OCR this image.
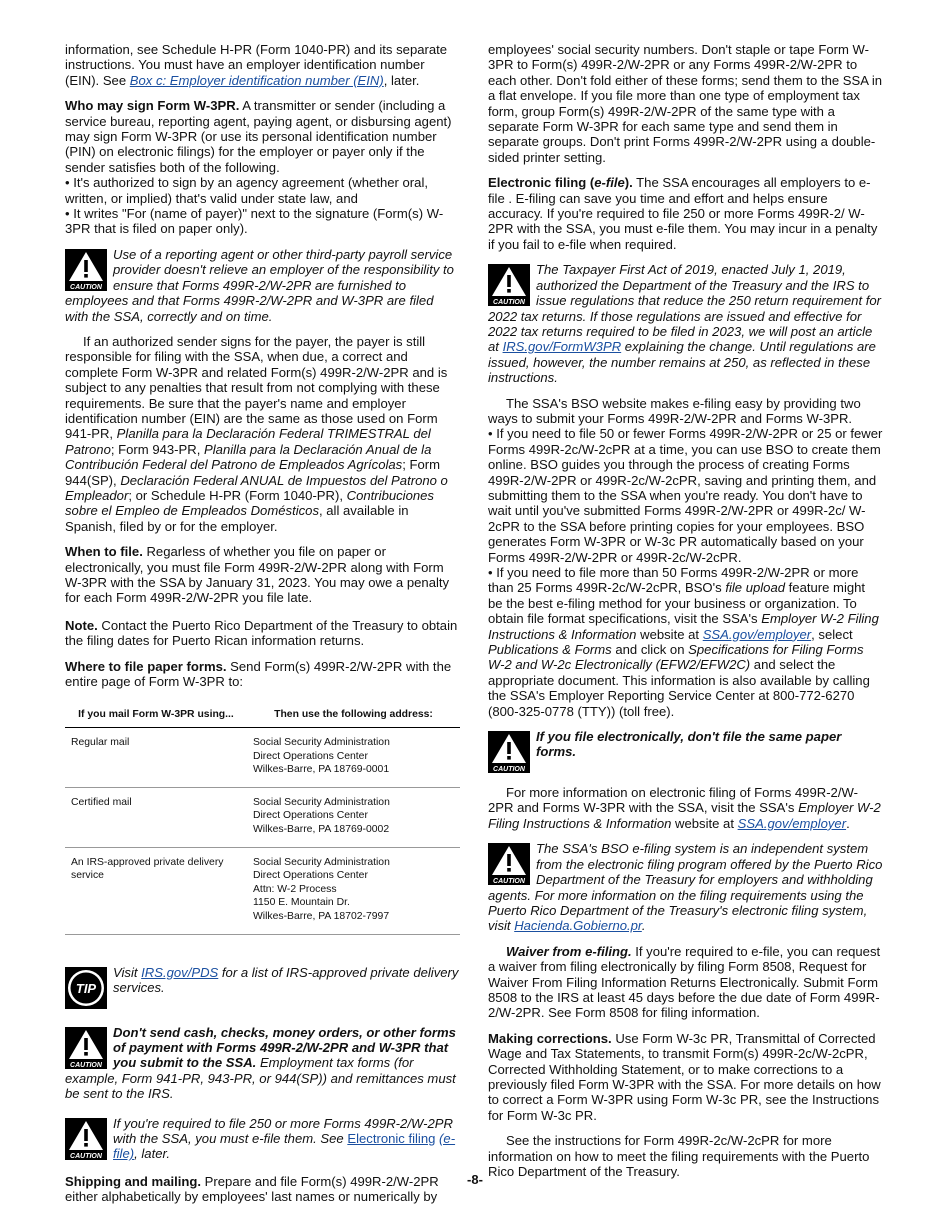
information, see Schedule H-PR (Form 1040-PR) and its separate instructions. You must have an employer identification number (EIN). See Box c: Employer identification number (EIN), later.

Who may sign Form W-3PR. A transmitter or sender (including a service bureau, reporting agent, paying agent, or disbursing agent) may sign Form W-3PR (or use its personal identification number (PIN) on electronic filings) for the employer or payer only if the sender satisfies both of the following.
• It's authorized to sign by an agency agreement (whether oral, written, or implied) that's valid under state law, and
• It writes "For (name of payer)" next to the signature (Form(s) W-3PR that is filed on paper only).

CAUTION
Use of a reporting agent or other third-party payroll service provider doesn't relieve an employer of the responsibility to ensure that Forms 499R-2/W-2PR are furnished to employees and that Forms 499R-2/W-2PR and W-3PR are filed with the SSA, correctly and on time.

If an authorized sender signs for the payer, the payer is still responsible for filing with the SSA, when due, a correct and complete Form W-3PR and related Form(s) 499R-2/W-2PR and is subject to any penalties that result from not complying with these requirements. Be sure that the payer's name and employer identification number (EIN) are the same as those used on Form 941-PR, Planilla para la Declaración Federal TRIMESTRAL del Patrono; Form 943-PR, Planilla para la Declaración Anual de la Contribución Federal del Patrono de Empleados Agrícolas; Form 944(SP), Declaración Federal ANUAL de Impuestos del Patrono o Empleador; or Schedule H-PR (Form 1040-PR), Contribuciones sobre el Empleo de Empleados Domésticos, all available in Spanish, filed by or for the employer.

When to file. Regarless of whether you file on paper or electronically, you must file Form 499R-2/W-2PR along with Form W-3PR with the SSA by January 31, 2023. You may owe a penalty for each Form 499R-2/W-2PR you file late.

Note. Contact the Puerto Rico Department of the Treasury to obtain the filing dates for Puerto Rican information returns.

Where to file paper forms. Send Form(s) 499R-2/W-2PR with the entire page of Form W-3PR to:

If you mail Form W-3PR using...	Then use the following address:
Regular mail	Social Security Administration
Direct Operations Center
Wilkes-Barre, PA 18769-0001

Certified mail	Social Security Administration
Direct Operations Center
Wilkes-Barre, PA 18769-0002

An IRS-approved private delivery service	Social Security Administration
Direct Operations Center
Attn: W-2 Process
1150 E. Mountain Dr.
Wilkes-Barre, PA 18702-7997
TIP
Visit IRS.gov/PDS for a list of IRS-approved private delivery services.
CAUTION
Don't send cash, checks, money orders, or other forms of payment with Forms 499R-2/W-2PR and W-3PR that you submit to the SSA. Employment tax forms (for example, Form 941-PR, 943-PR, or 944(SP)) and remittances must be sent to the IRS.
CAUTION
If you're required to file 250 or more Forms 499R-2/W-2PR with the SSA, you must e-file them. See Electronic filing (e-file), later.

Shipping and mailing. Prepare and file Form(s) 499R-2/W-2PR either alphabetically by employees' last names or numerically by

employees' social security numbers. Don't staple or tape Form W-3PR to Form(s) 499R-2/W-2PR or any Forms 499R-2/W-2PR to each other. Don't fold either of these forms; send them to the SSA in a flat envelope. If you file more than one type of employment tax form, group Form(s) 499R-2/W-2PR of the same type with a separate Form W-3PR for each same type and send them in separate groups. Don't print Forms 499R-2/W-2PR using a double-sided printer setting.

Electronic filing (e-file). The SSA encourages all employers to e-file . E-filing can save you time and effort and helps ensure accuracy. If you're required to file 250 or more Forms 499R-2/ W-2PR with the SSA, you must e-file them. You may incur in a penalty if you fail to e-file when required.

CAUTION
The Taxpayer First Act of 2019, enacted July 1, 2019, authorized the Department of the Treasury and the IRS to issue regulations that reduce the 250 return requirement for 2022 tax returns. If those regulations are issued and effective for 2022 tax returns required to be filed in 2023, we will post an article at IRS.gov/FormW3PR explaining the change. Until regulations are issued, however, the number remains at 250, as reflected in these instructions.

The SSA's BSO website makes e-filing easy by providing two ways to submit your Forms 499R-2/W-2PR and Forms W-3PR.
• If you need to file 50 or fewer Forms 499R-2/W-2PR or 25 or fewer Forms 499R-2c/W-2cPR at a time, you can use BSO to create them online. BSO guides you through the process of creating Forms 499R-2/W-2PR or 499R-2c/W-2cPR, saving and printing them, and submitting them to the SSA when you're ready. You don't have to wait until you've submitted Forms 499R-2/W-2PR or 499R-2c/ W-2cPR to the SSA before printing copies for your employees. BSO generates Form W-3PR or W-3c PR automatically based on your Forms 499R-2/W-2PR or 499R-2c/W-2cPR.
• If you need to file more than 50 Forms 499R-2/W-2PR or more than 25 Forms 499R-2c/W-2cPR, BSO's file upload feature might be the best e-filing method for your business or organization. To obtain file format specifications, visit the SSA's Employer W-2 Filing Instructions & Information website at SSA.gov/employer, select Publications & Forms and click on Specifications for Filing Forms W-2 and W-2c Electronically (EFW2/EFW2C) and select the appropriate document. This information is also available by calling the SSA's Employer Reporting Service Center at 800-772-6270 (800-325-0778 (TTY)) (toll free).

CAUTION
If you file electronically, don't file the same paper forms.

For more information on electronic filing of Forms 499R-2/W-2PR and Forms W-3PR with the SSA, visit the SSA's Employer W-2 Filing Instructions & Information website at SSA.gov/employer.

CAUTION
The SSA's BSO e-filing system is an independent system from the electronic filing program offered by the Puerto Rico Department of the Treasury for employers and withholding agents. For more information on the filing requirements using the Puerto Rico Department of the Treasury's electronic filing system, visit Hacienda.Gobierno.pr.

Waiver from e-filing. If you're required to e-file, you can request a waiver from filing electronically by filing Form 8508, Request for Waiver From Filing Information Returns Electronically. Submit Form 8508 to the IRS at least 45 days before the due date of Form 499R-2/W-2PR. See Form 8508 for filing information.

Making corrections. Use Form W-3c PR, Transmittal of Corrected Wage and Tax Statements, to transmit Form(s) 499R-2c/W-2cPR, Corrected Withholding Statement, or to make corrections to a previously filed Form W-3PR with the SSA. For more details on how to correct a Form W-3PR using Form W-3c PR, see the Instructions for Form W-3c PR.

See the instructions for Form 499R-2c/W-2cPR for more information on how to meet the filing requirements with the Puerto Rico Department of the Treasury.

-8-
